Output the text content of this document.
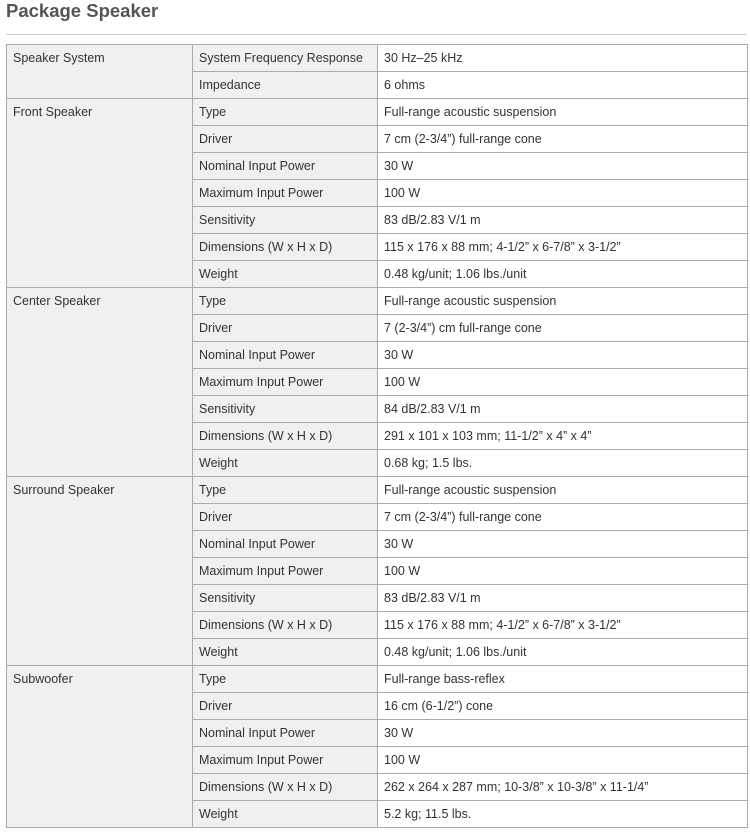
Package Speaker
Speaker System	System Frequency Response	30 Hz–25 kHz
	Impedance	6 ohms
Front Speaker	Type	Full-range acoustic suspension
	Driver	7 cm (2-3/4”) full-range cone
	Nominal Input Power	30 W
	Maximum Input Power	100 W
	Sensitivity	83 dB/2.83 V/1 m
	Dimensions (W x H x D)	115 x 176 x 88 mm; 4-1/2” x 6-7/8” x 3-1/2”
	Weight	0.48 kg/unit; 1.06 lbs./unit
Center Speaker	Type	Full-range acoustic suspension
	Driver	7 (2-3/4”) cm full-range cone
	Nominal Input Power	30 W
	Maximum Input Power	100 W
	Sensitivity	84 dB/2.83 V/1 m
	Dimensions (W x H x D)	291 x 101 x 103 mm; 11-1/2” x 4” x 4”
	Weight	0.68 kg; 1.5 lbs.
Surround Speaker	Type	Full-range acoustic suspension
	Driver	7 cm (2-3/4”) full-range cone
	Nominal Input Power	30 W
	Maximum Input Power	100 W
	Sensitivity	83 dB/2.83 V/1 m
	Dimensions (W x H x D)	115 x 176 x 88 mm; 4-1/2” x 6-7/8” x 3-1/2”
	Weight	0.48 kg/unit; 1.06 lbs./unit
Subwoofer	Type	Full-range bass-reflex
	Driver	16 cm (6-1/2”) cone
	Nominal Input Power	30 W
	Maximum Input Power	100 W
	Dimensions (W x H x D)	262 x 264 x 287 mm; 10-3/8” x 10-3/8” x 11-1/4”
	Weight	5.2 kg; 11.5 lbs.
